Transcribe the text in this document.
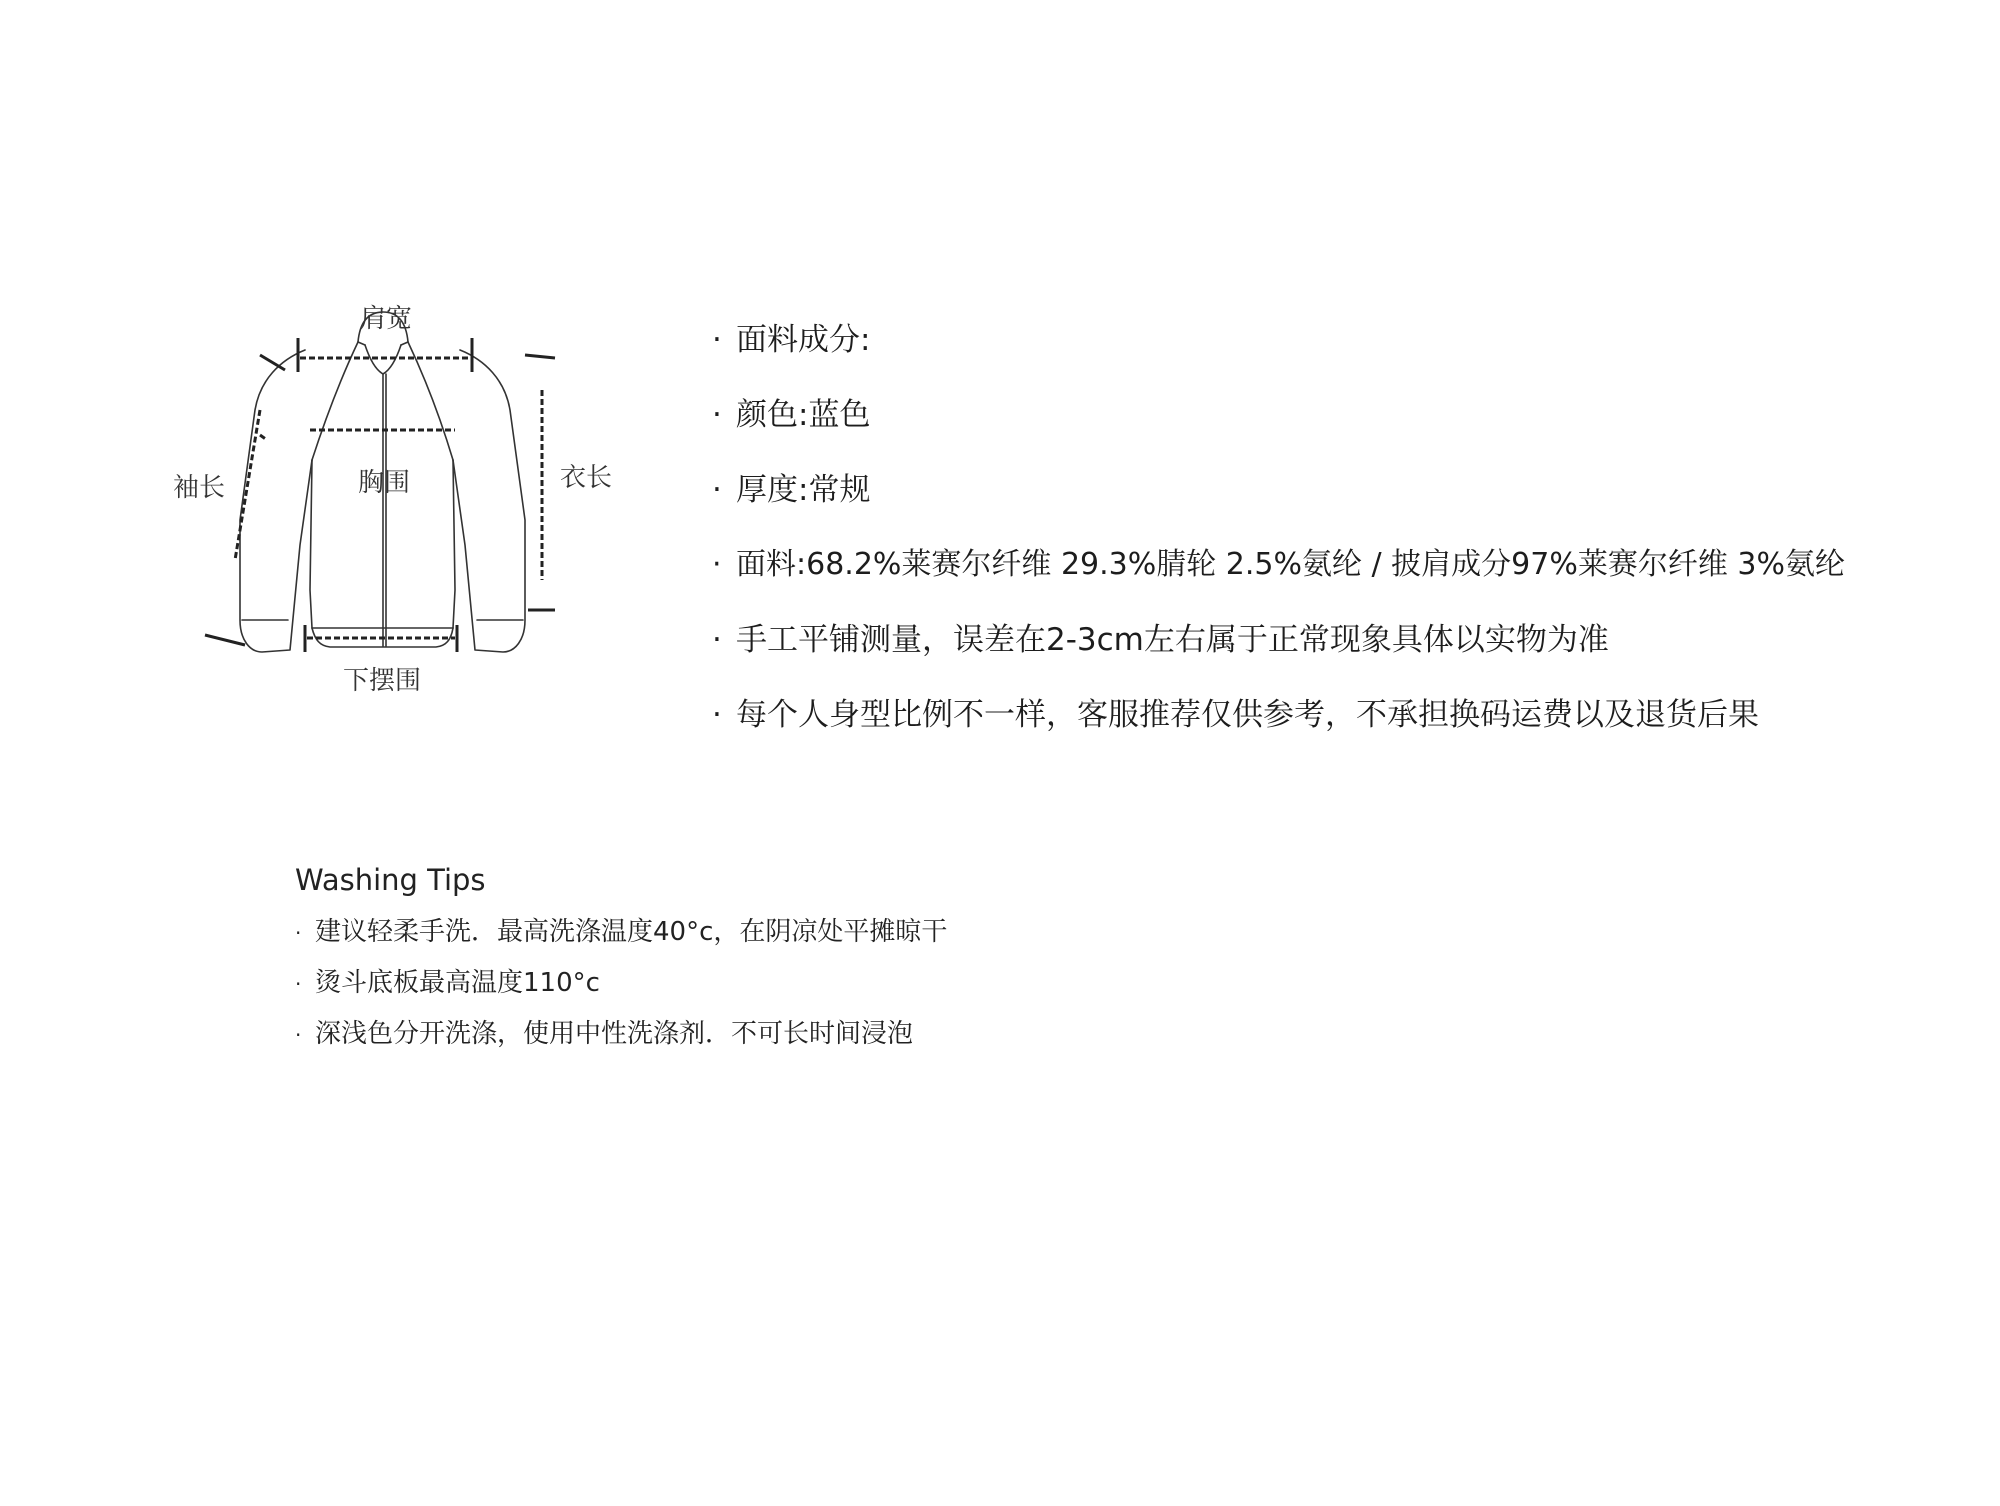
肩宽
袖长	胸围	衣长
下摆围
· 面料成分:
· 颜色:蓝色
· 厚度:常规
· 面料:68.2%莱赛尔纤维 29.3%腈轮 2.5%氨纶 / 披肩成分97%莱赛尔纤维 3%氨纶
· 手工平铺测量，误差在2-3cm左右属于正常现象具体以实物为准
· 每个人身型比例不一样，客服推荐仅供参考，不承担换码运费以及退货后果
Washing Tips
· 建议轻柔手洗．最高洗涤温度40°c，在阴凉处平摊晾干
· 烫斗底板最高温度110°c
· 深浅色分开洗涤，使用中性洗涤剂．不可长时间浸泡
